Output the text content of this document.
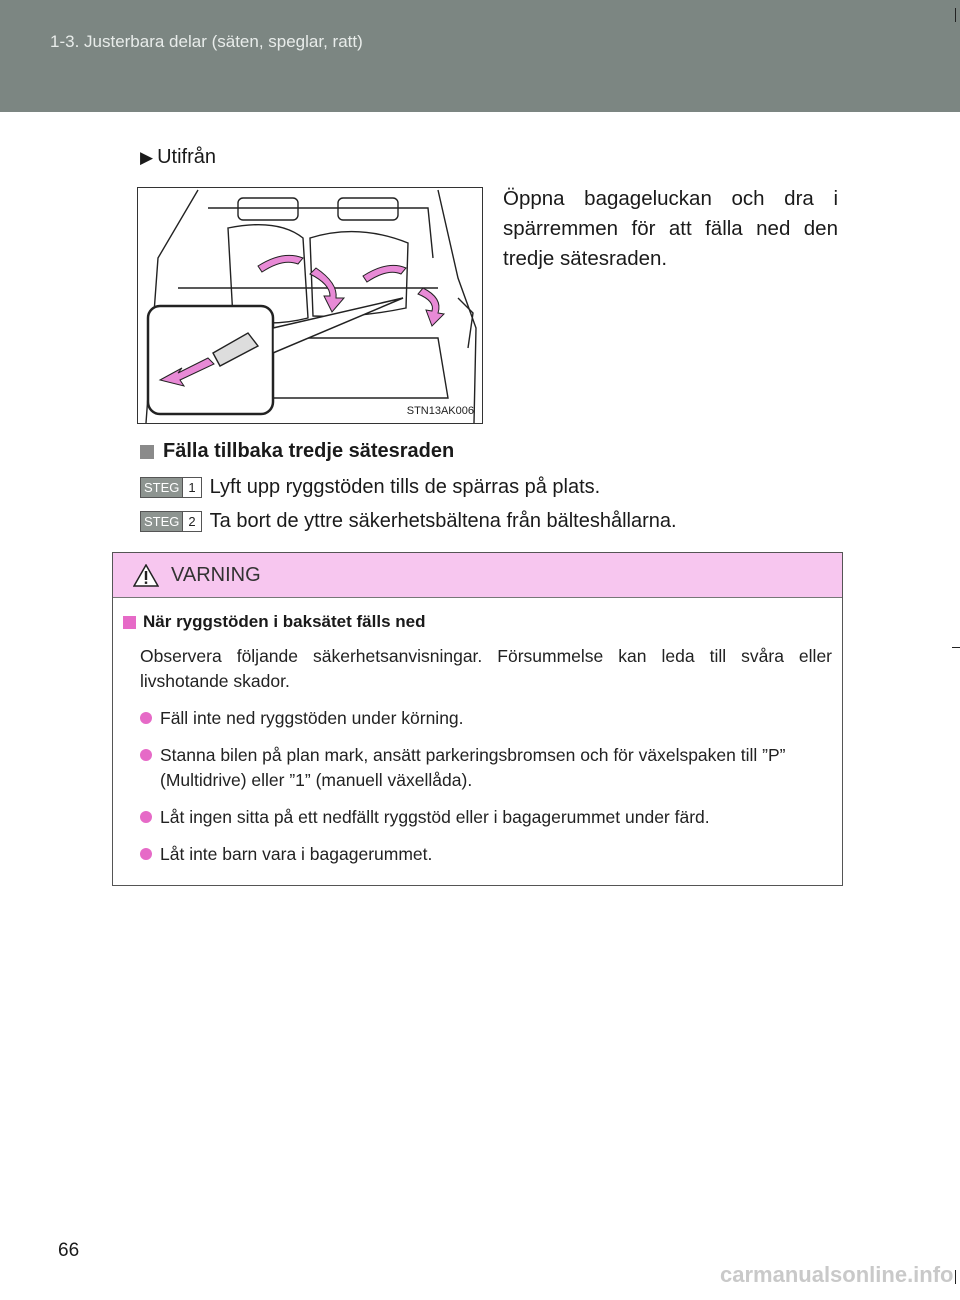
1-3. Justerbara delar (säten, speglar, ratt)
▶ Utifrån
STN13AK006
Öppna bagageluckan och dra i spärremmen för att fälla ned den tredje sätesraden.
Fälla tillbaka tredje sätesraden
STEG 1 Lyft upp ryggstöden tills de spärras på plats.
STEG 2 Ta bort de yttre säkerhetsbältena från bälteshållarna.
VARNING
När ryggstöden i baksätet fälls ned
Observera följande säkerhetsanvisningar. Försummelse kan leda till svåra eller livshotande skador.
Fäll inte ned ryggstöden under körning.
Stanna bilen på plan mark, ansätt parkeringsbromsen och för växelspaken till ”P” (Multidrive) eller ”1” (manuell växellåda).
Låt ingen sitta på ett nedfällt ryggstöd eller i bagagerummet under färd.
Låt inte barn vara i bagagerummet.
66
carmanualsonline.info
